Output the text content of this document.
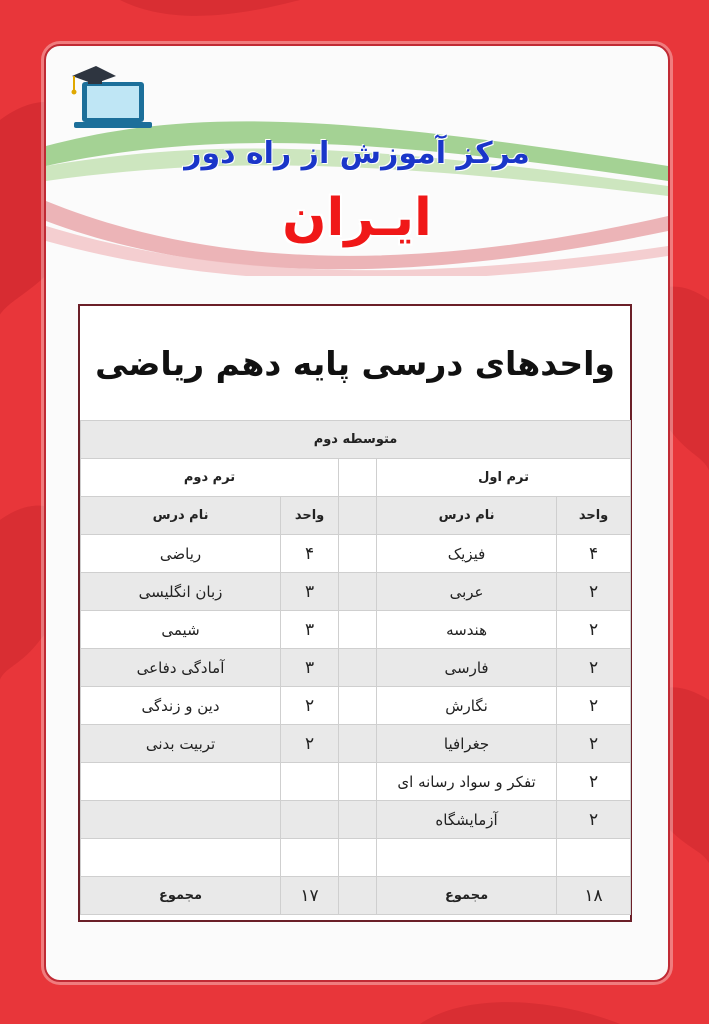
مرکز آموزش از راه دور
ایـران
واحدهای درسی پایه دهم ریاضی
متوسطه دوم				
ترم اول			ترم دوم	
واحد	نام درس		واحد	نام درس
۴	فیزیک		۴	ریاضی
۲	عربی		۳	زبان انگلیسی
۲	هندسه		۳	شیمی
۲	فارسی		۳	آمادگی دفاعی
۲	نگارش		۲	دین و زندگی
۲	جغرافیا		۲	تربیت بدنی
۲	تفکر و سواد رسانه ای			
۲	آزمایشگاه			

۱۸	مجموع		۱۷	مجموع
